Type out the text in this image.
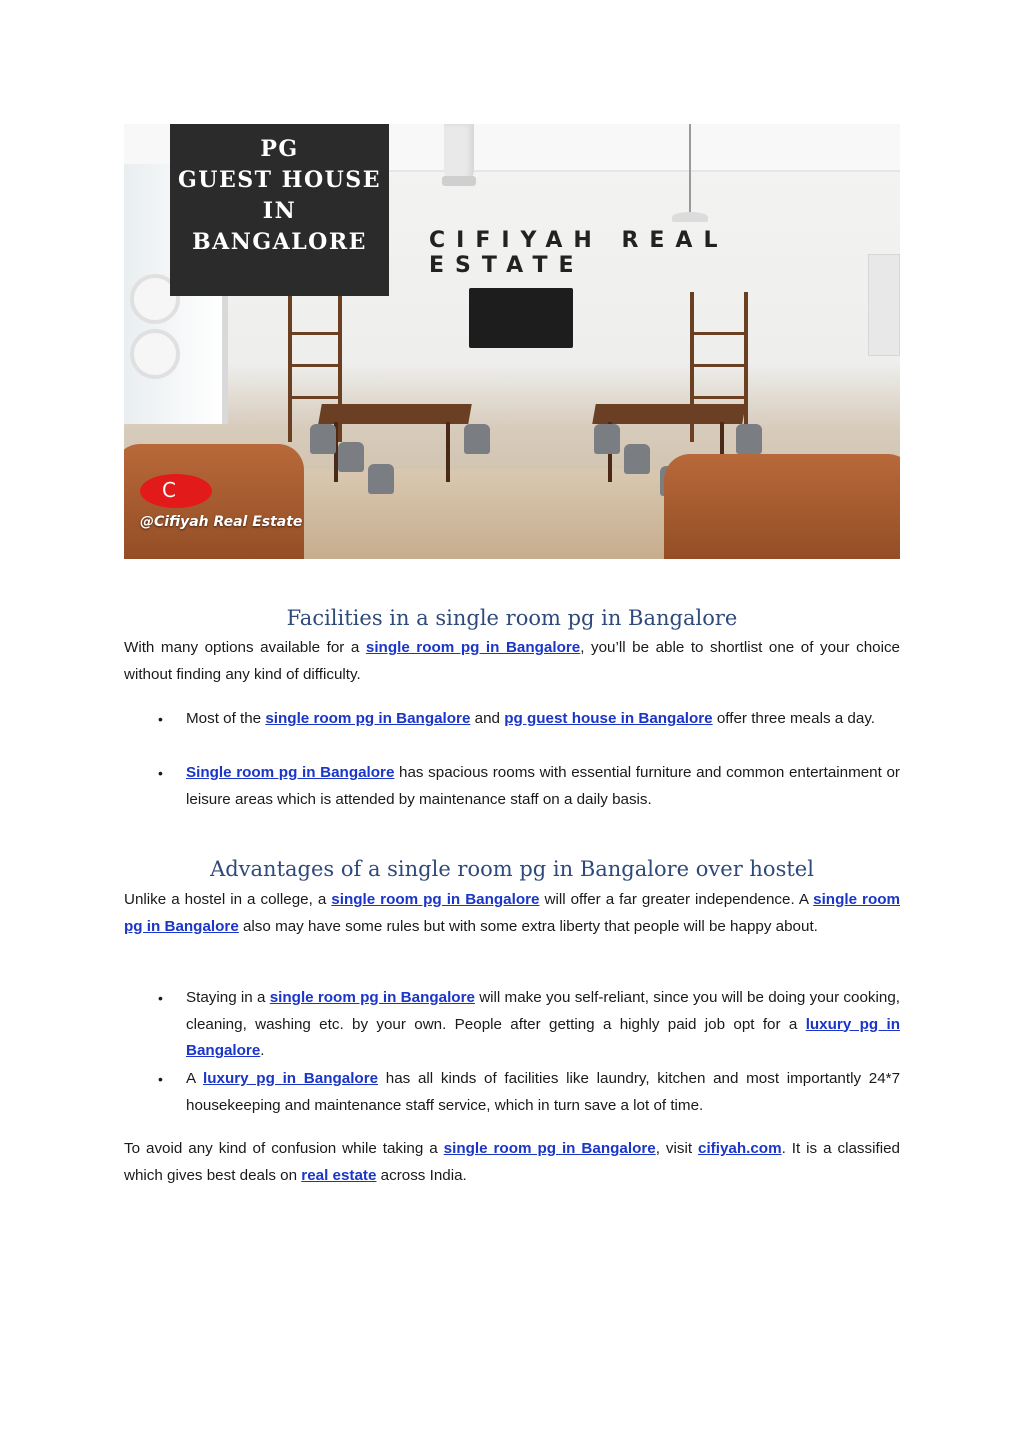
PG
GUEST HOUSE
IN
BANGALORE	CIFIYAH REAL ESTATE
C
@Cifiyah Real Estate
Facilities in a single room pg in Bangalore

With many options available for a single room pg in Bangalore, you’ll be able to shortlist one of your choice without finding any kind of difficulty.

• Most of the single room pg in Bangalore and pg guest house in Bangalore offer three meals a day.

• Single room pg in Bangalore has spacious rooms with essential furniture and common entertainment or leisure areas which is attended by maintenance staff on a daily basis.

Advantages of a single room pg in Bangalore over hostel

Unlike a hostel in a college, a single room pg in Bangalore will offer a far greater independence. A single room pg in Bangalore also may have some rules but with some extra liberty that people will be happy about.

• Staying in a single room pg in Bangalore will make you self-reliant, since you will be doing your cooking, cleaning, washing etc. by your own. People after getting a highly paid job opt for a luxury pg in Bangalore.

• A luxury pg in Bangalore has all kinds of facilities like laundry, kitchen and most importantly 24*7 housekeeping and maintenance staff service, which in turn save a lot of time.

To avoid any kind of confusion while taking a single room pg in Bangalore, visit cifiyah.com. It is a classified which gives best deals on real estate across India.
